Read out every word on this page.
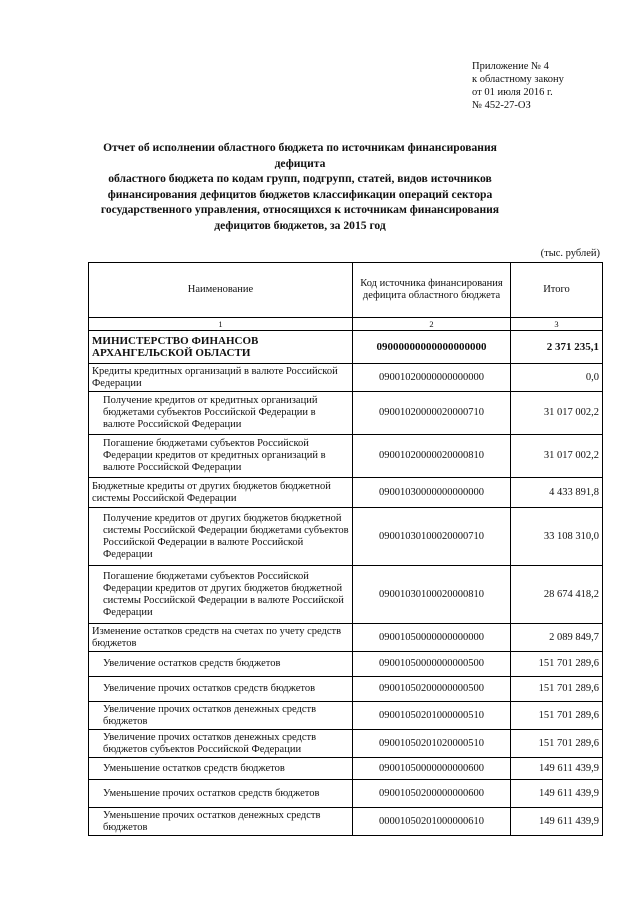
Приложение № 4
к областному закону
от 01 июля 2016 г.
№ 452-27-ОЗ
Отчет об исполнении областного бюджета по источникам финансирования дефицита
областного бюджета по кодам групп, подгрупп, статей, видов источников
финансирования дефицитов бюджетов классификации операций сектора
государственного управления, относящихся к источникам финансирования
дефицитов бюджетов, за 2015 год
(тыс. рублей)
Наименование	Код источника финансирования дефицита областного бюджета	Итого
1	2	3
МИНИСТЕРСТВО ФИНАНСОВ АРХАНГЕЛЬСКОЙ ОБЛАСТИ	09000000000000000000	2 371 235,1
Кредиты кредитных организаций в валюте Российской Федерации	09001020000000000000	0,0
Получение кредитов от кредитных организаций бюджетами субъектов Российской Федерации в валюте Российской Федерации	09001020000020000710	31 017 002,2
Погашение бюджетами субъектов Российской Федерации кредитов от кредитных организаций в валюте Российской Федерации	09001020000020000810	31 017 002,2
Бюджетные кредиты от других бюджетов бюджетной системы Российской Федерации	09001030000000000000	4 433 891,8
Получение кредитов от других бюджетов бюджетной системы Российской Федерации бюджетами субъектов Российской Федерации в валюте Российской Федерации	09001030100020000710	33 108 310,0
Погашение бюджетами субъектов Российской Федерации кредитов от других бюджетов бюджетной системы Российской Федерации в валюте Российской Федерации	09001030100020000810	28 674 418,2
Изменение остатков средств на счетах по учету средств бюджетов	09001050000000000000	2 089 849,7
Увеличение остатков средств бюджетов	09001050000000000500	151 701 289,6
Увеличение прочих остатков средств бюджетов	09001050200000000500	151 701 289,6
Увеличение прочих остатков денежных средств бюджетов	09001050201000000510	151 701 289,6
Увеличение прочих остатков денежных средств бюджетов субъектов Российской Федерации	09001050201020000510	151 701 289,6
Уменьшение остатков средств бюджетов	09001050000000000600	149 611 439,9
Уменьшение прочих остатков средств бюджетов	09001050200000000600	149 611 439,9
Уменьшение прочих остатков денежных средств бюджетов	00001050201000000610	149 611 439,9
